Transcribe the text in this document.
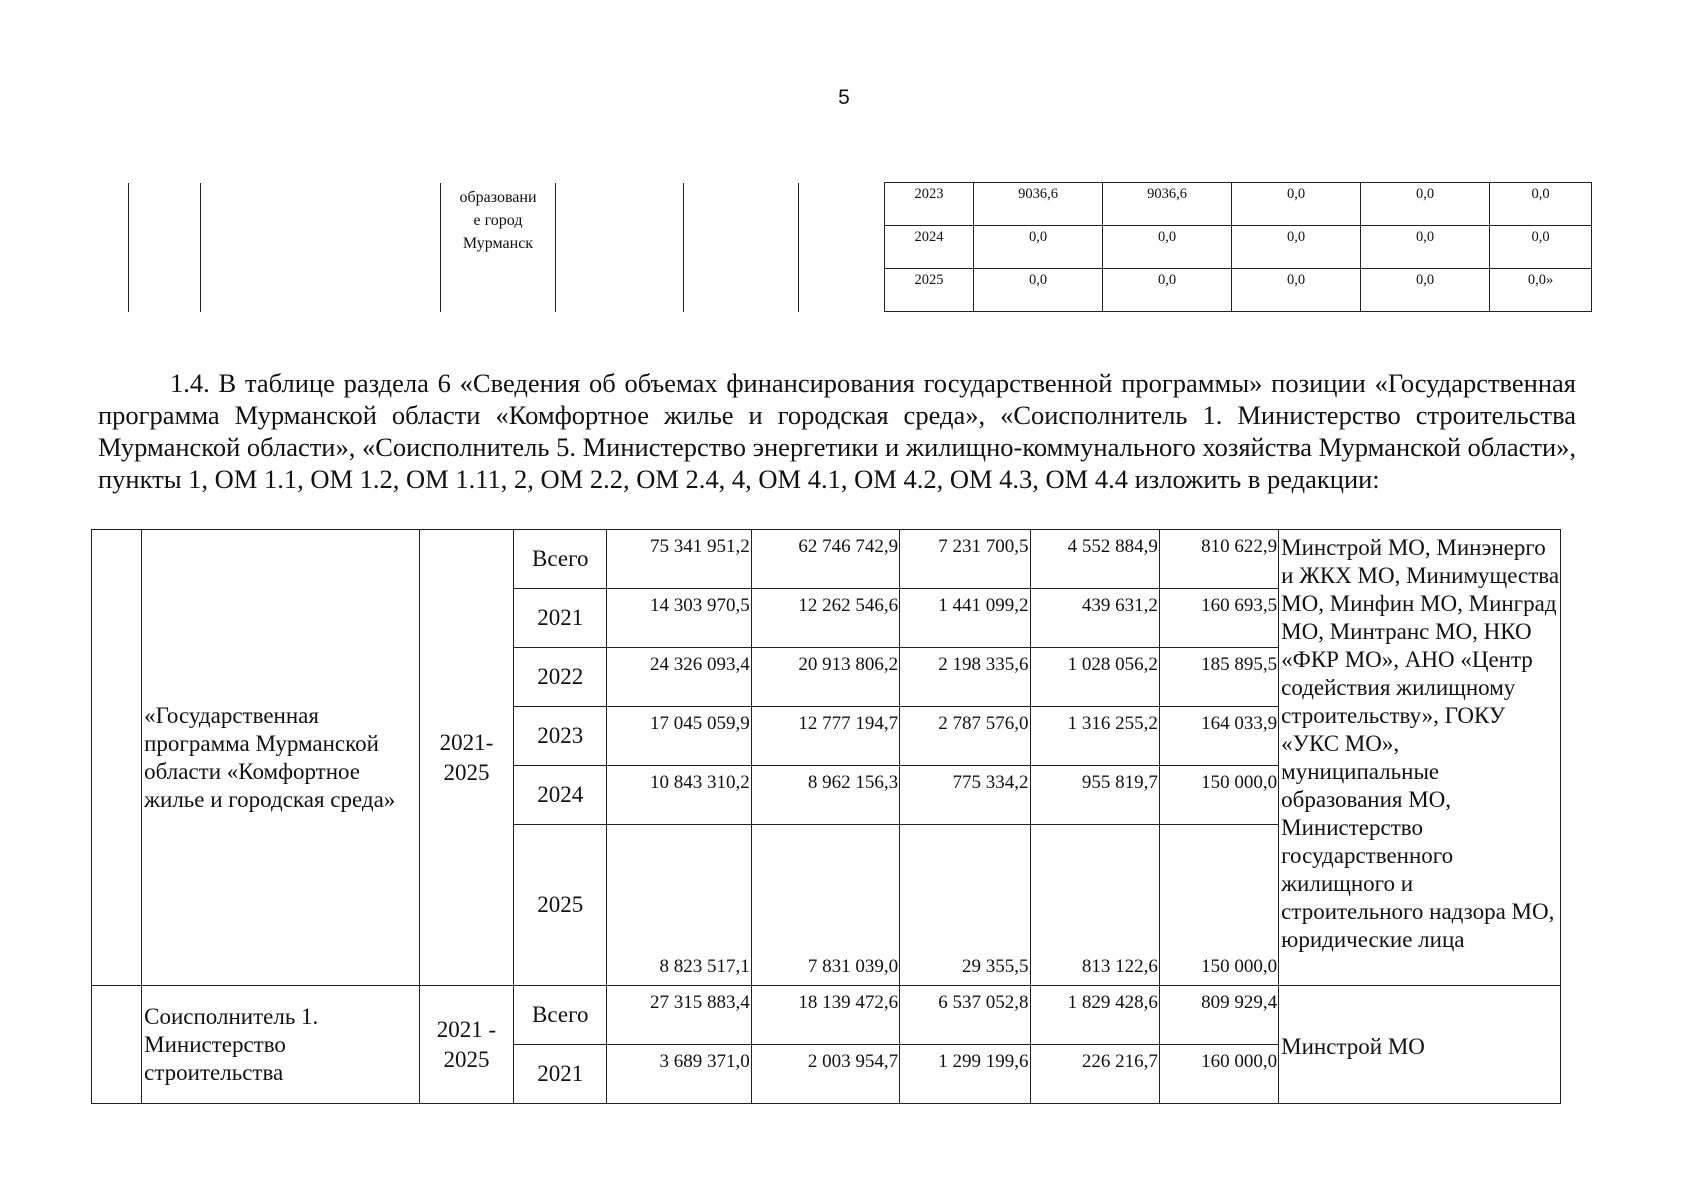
5

		образовани
е город
Мурманск				2023	9036,6	9036,6	0,0	0,0	0,0
						2024	0,0	0,0	0,0	0,0	0,0
						2025	0,0	0,0	0,0	0,0	0,0»
1.4. В таблице раздела 6 «Сведения об объемах финансирования государственной программы» позиции «Государственная программа Мурманской области «Комфортное жилье и городская среда», «Соисполнитель 1. Министерство строительства Мурманской области», «Соисполнитель 5. Министерство энергетики и жилищно-коммунального хозяйства Мурманской области», пункты 1, ОМ 1.1, ОМ 1.2, ОМ 1.11, 2, ОМ 2.2, ОМ 2.4, 4, ОМ 4.1, ОМ 4.2, ОМ 4.3, ОМ 4.4 изложить в редакции:
	«Государственная программа Мурманской области «Комфортное жилье и городская среда»	2021-2025	Всего	75 341 951,2	62 746 742,9	7 231 700,5	4 552 884,9	810 622,9	Минстрой МО, Минэнерго и ЖКХ МО, Минимущества МО, Минфин МО, Минград МО, Минтранс МО, НКО «ФКР МО», АНО «Центр содействия жилищному строительству», ГОКУ «УКС МО», муниципальные образования МО, Министерство государственного жилищного и строительного надзора МО, юридические лица
			2021	14 303 970,5	12 262 546,6	1 441 099,2	439 631,2	160 693,5	
			2022	24 326 093,4	20 913 806,2	2 198 335,6	1 028 056,2	185 895,5	
			2023	17 045 059,9	12 777 194,7	2 787 576,0	1 316 255,2	164 033,9	
			2024	10 843 310,2	8 962 156,3	775 334,2	955 819,7	150 000,0	
			2025	8 823 517,1	7 831 039,0	29 355,5	813 122,6	150 000,0	
	Соисполнитель 1. Министерство строительства	2021 - 2025	Всего	27 315 883,4	18 139 472,6	6 537 052,8	1 829 428,6	809 929,4	Минстрой МО
			2021	3 689 371,0	2 003 954,7	1 299 199,6	226 216,7	160 000,0	
